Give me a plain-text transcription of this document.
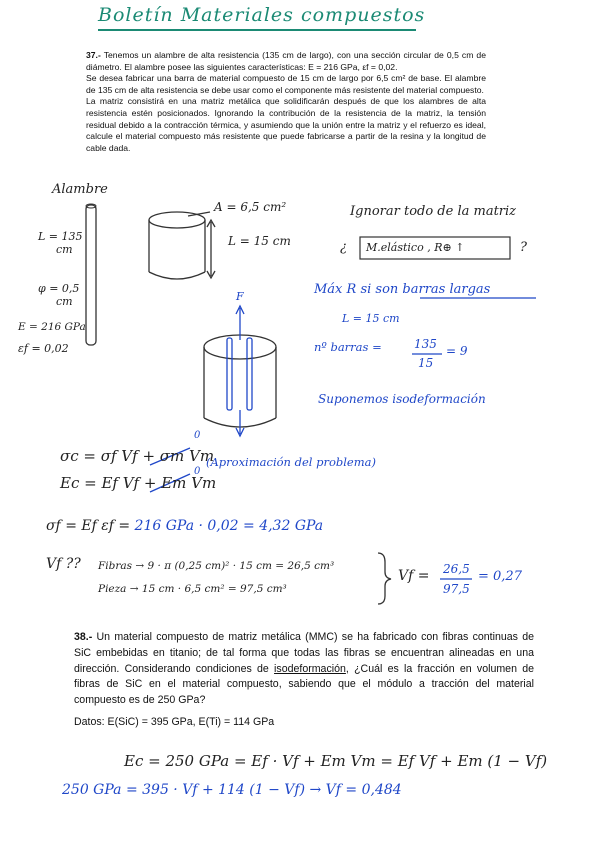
Boletín Materiales compuestos

37.- Tenemos un alambre de alta resistencia (135 cm de largo), con una sección circular de 0,5 cm de diámetro. El alambre posee las siguientes características: E = 216 GPa, εf = 0,02.

Se desea fabricar una barra de material compuesto de 15 cm de largo por 6,5 cm² de base. El alambre de 135 cm de alta resistencia se debe usar como el componente más resistente del material compuesto.

La matriz consistirá en una matriz metálica que solidificarán después de que los alambres de alta resistencia estén posicionados. Ignorando la contribución de la resistencia de la matriz, la tensión residual debido a la contracción térmica, y asumiendo que la unión entre la matriz y el refuerzo es ideal, calcule el material compuesto más resistente que puede fabricarse a partir de la resina y la longitud de cable dada.

Alambre
L = 135
cm
φ = 0,5
cm
E = 216 GPa
εf = 0,02
A = 6,5 cm²
L = 15 cm
F
Ignorar todo de la matriz
¿ M.elástico , R⊕ ↑	?
Máx R si son barras largas
L = 15 cm
nº barras =	135
15
= 9
Suponemos isodeformación
σc = σf Vf + σm Vm
0
Ec = Ef Vf + Em Vm
0
(Aproximación del problema)
σf = Ef εf = 216 GPa · 0,02 = 4,32 GPa
Vf ?? Fibras → 9 · π (0,25 cm)² · 15 cm = 26,5 cm³
Pieza → 15 cm · 6,5 cm² = 97,5 cm³
Vf = 26,5
97,5
= 0,27

38.- Un material compuesto de matriz metálica (MMC) se ha fabricado con fibras continuas de SiC embebidas en titanio; de tal forma que todas las fibras se encuentran alineadas en una dirección. Considerando condiciones de isodeformación, ¿Cuál es la fracción en volumen de fibras de SiC en el material compuesto, sabiendo que el módulo a tracción del material compuesto es de 250 GPa?

Datos: E(SiC) = 395 GPa, E(Ti) = 114 GPa

Ec = 250 GPa = Ef · Vf + Em Vm = Ef Vf + Em (1 − Vf)
250 GPa = 395 · Vf + 114 (1 − Vf) → Vf = 0,484
